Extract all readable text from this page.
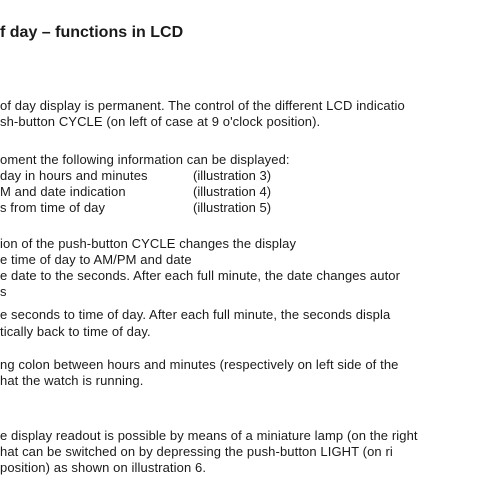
f day – functions in LCD
of day display is permanent. The control of the different LCD indicatio
sh-button CYCLE (on left of case at 9 o'clock position).
oment the following information can be displayed:
day in hours and minutes	(illustration 3)
M and date indication	(illustration 4)
s from time of day	(illustration 5)
ion of the push-button CYCLE changes the display
e time of day to AM/PM and date
e date to the seconds. After each full minute, the date changes autor
s
e seconds to time of day. After each full minute, the seconds displa
tically back to time of day.
ng colon between hours and minutes (respectively on left side of the
hat the watch is running.
e display readout is possible by means of a miniature lamp (on the right
hat can be switched on by depressing the push-button LIGHT (on ri
position) as shown on illustration 6.
